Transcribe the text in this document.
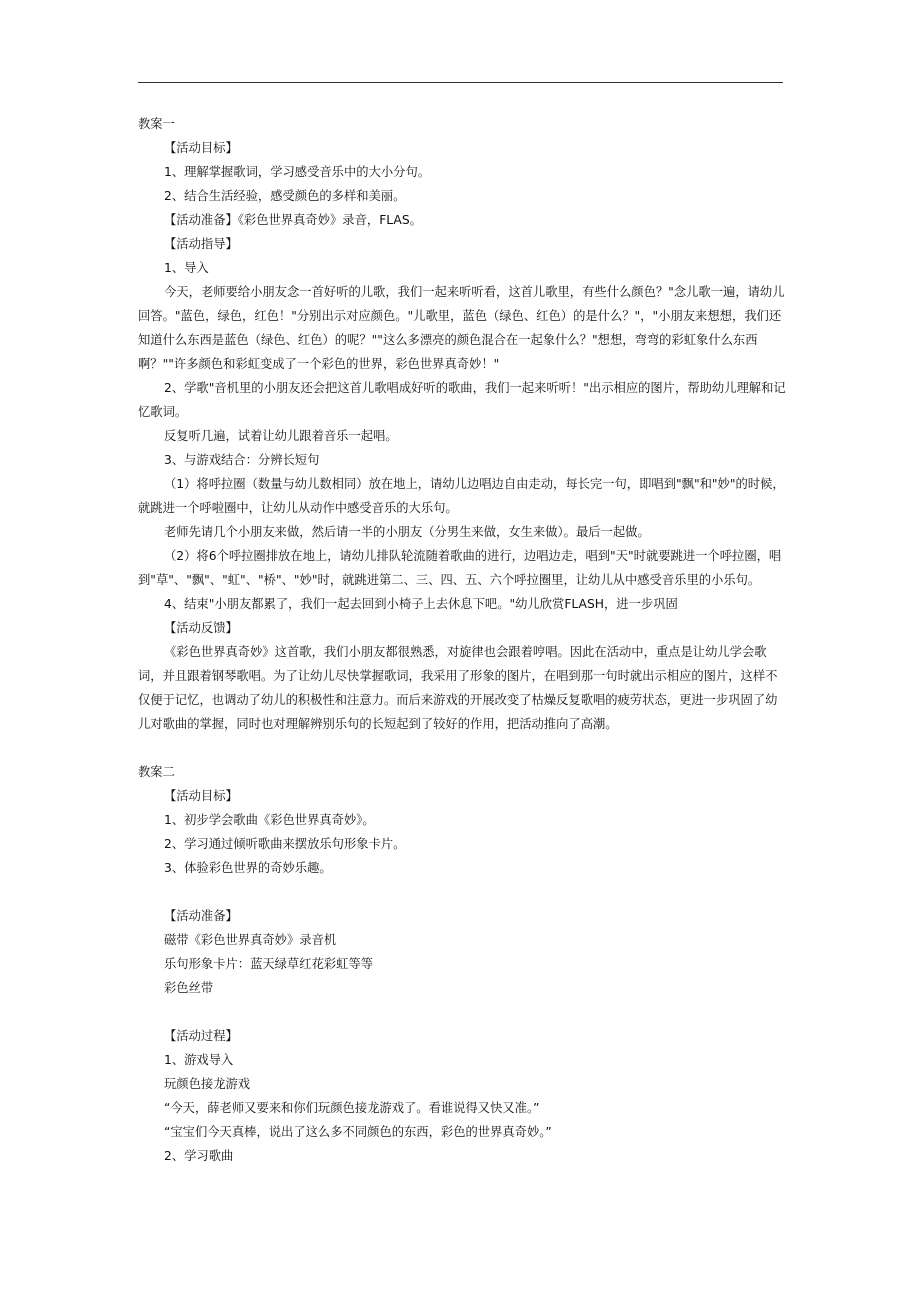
教案一

【活动目标】

1、理解掌握歌词，学习感受音乐中的大小分句。

2、结合生活经验，感受颜色的多样和美丽。

【活动准备】《彩色世界真奇妙》录音，FLAS。

【活动指导】

1、导入

今天，老师要给小朋友念一首好听的儿歌，我们一起来听听看，这首儿歌里，有些什么颜色？"念儿歌一遍，请幼儿回答。"蓝色，绿色，红色！"分别出示对应颜色。"儿歌里，蓝色（绿色、红色）的是什么？"，"小朋友来想想，我们还知道什么东西是蓝色（绿色、红色）的呢？""这么多漂亮的颜色混合在一起象什么？"想想，弯弯的彩虹象什么东西啊？""许多颜色和彩虹变成了一个彩色的世界，彩色世界真奇妙！"

2、学歌"音机里的小朋友还会把这首儿歌唱成好听的歌曲，我们一起来听听！"出示相应的图片，帮助幼儿理解和记忆歌词。

反复听几遍，试着让幼儿跟着音乐一起唱。

3、与游戏结合：分辨长短句

（1）将呼拉圈（数量与幼儿数相同）放在地上，请幼儿边唱边自由走动，每长完一句，即唱到"飘"和"妙"的时候，就跳进一个呼啦圈中，让幼儿从动作中感受音乐的大乐句。

老师先请几个小朋友来做，然后请一半的小朋友（分男生来做，女生来做）。最后一起做。

（2）将6个呼拉圈排放在地上，请幼儿排队轮流随着歌曲的进行，边唱边走，唱到"天"时就要跳进一个呼拉圈，唱到"草"、"飘"、"虹"、"桥"、"妙"时，就跳进第二、三、四、五、六个呼拉圈里，让幼儿从中感受音乐里的小乐句。

4、结束"小朋友都累了，我们一起去回到小椅子上去休息下吧。"幼儿欣赏FLASH，进一步巩固

【活动反馈】

《彩色世界真奇妙》这首歌，我们小朋友都很熟悉，对旋律也会跟着哼唱。因此在活动中，重点是让幼儿学会歌词，并且跟着钢琴歌唱。为了让幼儿尽快掌握歌词，我采用了形象的图片，在唱到那一句时就出示相应的图片，这样不仅便于记忆，也调动了幼儿的积极性和注意力。而后来游戏的开展改变了枯燥反复歌唱的疲劳状态，更进一步巩固了幼儿对歌曲的掌握，同时也对理解辨别乐句的长短起到了较好的作用，把活动推向了高潮。

教案二

【活动目标】

1、初步学会歌曲《彩色世界真奇妙》。

2、学习通过倾听歌曲来摆放乐句形象卡片。

3、体验彩色世界的奇妙乐趣。

【活动准备】

磁带《彩色世界真奇妙》录音机

乐句形象卡片：蓝天绿草红花彩虹等等

彩色丝带

【活动过程】

1、游戏导入

玩颜色接龙游戏

“今天，薛老师又要来和你们玩颜色接龙游戏了。看谁说得又快又准。”

“宝宝们今天真棒，说出了这么多不同颜色的东西，彩色的世界真奇妙。”

2、学习歌曲
